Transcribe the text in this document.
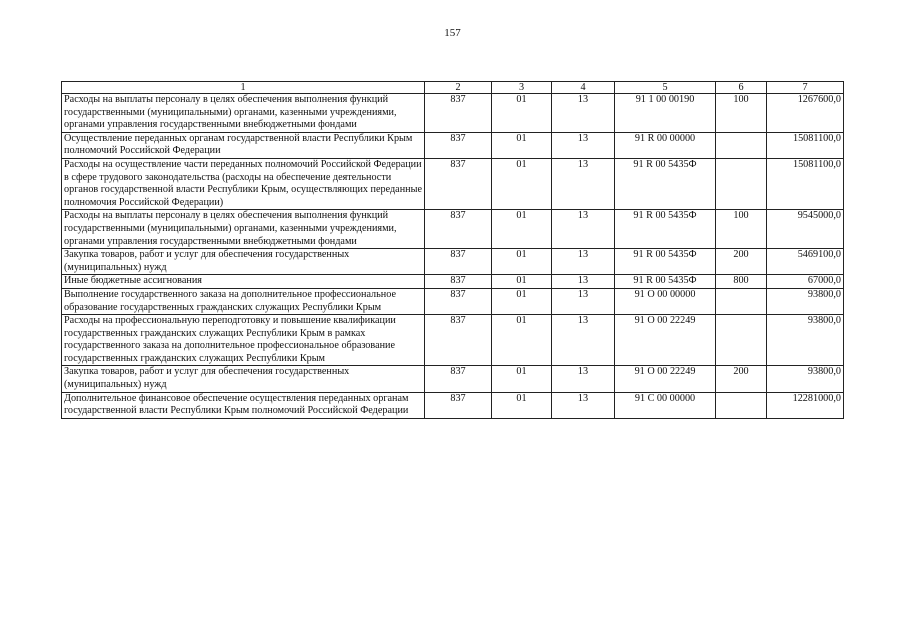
157
1	2	3	4	5	6	7
Расходы на выплаты персоналу в целях обеспечения выполнения функций государственными (муниципальными) органами, казенными учреждениями, органами управления государственными внебюджетными фондами	837	01	13	91 1 00 00190	100	1267600,0
Осуществление переданных органам государственной власти Республики Крым полномочий Российской Федерации	837	01	13	91 R 00 00000		15081100,0
Расходы на осуществление части переданных полномочий Российской Федерации в сфере трудового законодательства (расходы на обеспечение деятельности органов государственной власти Республики Крым, осуществляющих переданные полномочия Российской Федерации)	837	01	13	91 R 00 5435Ф		15081100,0
Расходы на выплаты персоналу в целях обеспечения выполнения функций государственными (муниципальными) органами, казенными учреждениями, органами управления государственными внебюджетными фондами	837	01	13	91 R 00 5435Ф	100	9545000,0
Закупка товаров, работ и услуг для обеспечения государственных (муниципальных) нужд	837	01	13	91 R 00 5435Ф	200	5469100,0
Иные бюджетные ассигнования	837	01	13	91 R 00 5435Ф	800	67000,0
Выполнение государственного заказа на дополнительное профессиональное образование государственных гражданских служащих Республики Крым	837	01	13	91 О 00 00000		93800,0
Расходы на профессиональную переподготовку и повышение квалификации государственных гражданских служащих Республики Крым в рамках государственного заказа на дополнительное профессиональное образование государственных гражданских служащих Республики Крым	837	01	13	91 О 00 22249		93800,0
Закупка товаров, работ и услуг для обеспечения государственных (муниципальных) нужд	837	01	13	91 О 00 22249	200	93800,0
Дополнительное финансовое обеспечение осуществления переданных органам государственной власти Республики Крым полномочий Российской Федерации	837	01	13	91 С 00 00000		12281000,0
